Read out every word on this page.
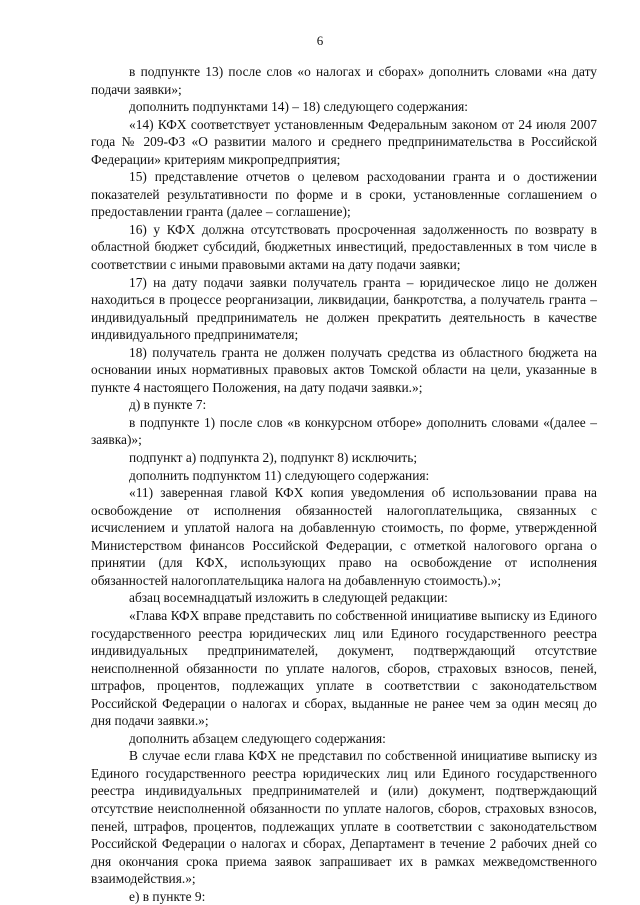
6

в подпункте 13) после слов «о налогах и сборах» дополнить словами «на дату подачи заявки»;

дополнить подпунктами 14) – 18) следующего содержания:

«14) КФХ соответствует установленным Федеральным законом от 24 июля 2007 года № 209-ФЗ «О развитии малого и среднего предпринимательства в Российской Федерации» критериям микропредприятия;

15) представление отчетов о целевом расходовании гранта и о достижении показателей результативности по форме и в сроки, установленные соглашением о предоставлении гранта (далее – соглашение);

16) у КФХ должна отсутствовать просроченная задолженность по возврату в областной бюджет субсидий, бюджетных инвестиций, предоставленных в том числе в соответствии с иными правовыми актами на дату подачи заявки;

17) на дату подачи заявки получатель гранта – юридическое лицо не должен находиться в процессе реорганизации, ликвидации, банкротства, а получатель гранта – индивидуальный предприниматель не должен прекратить деятельность в качестве индивидуального предпринимателя;

18) получатель гранта не должен получать средства из областного бюджета на основании иных нормативных правовых актов Томской области на цели, указанные в пункте 4 настоящего Положения, на дату подачи заявки.»;

д) в пункте 7:

в подпункте 1) после слов «в конкурсном отборе» дополнить словами «(далее – заявка)»;

подпункт а) подпункта 2), подпункт 8) исключить;

дополнить подпунктом 11) следующего содержания:

«11) заверенная главой КФХ копия уведомления об использовании права на освобождение от исполнения обязанностей налогоплательщика, связанных с исчислением и уплатой налога на добавленную стоимость, по форме, утвержденной Министерством финансов Российской Федерации, с отметкой налогового органа о принятии (для КФХ, использующих право на освобождение от исполнения обязанностей налогоплательщика налога на добавленную стоимость).»;

абзац восемнадцатый изложить в следующей редакции:

«Глава КФХ вправе представить по собственной инициативе выписку из Единого государственного реестра юридических лиц или Единого государственного реестра индивидуальных предпринимателей, документ, подтверждающий отсутствие неисполненной обязанности по уплате налогов, сборов, страховых взносов, пеней, штрафов, процентов, подлежащих уплате в соответствии с законодательством Российской Федерации о налогах и сборах, выданные не ранее чем за один месяц до дня подачи заявки.»;

дополнить абзацем следующего содержания:

В случае если глава КФХ не представил по собственной инициативе выписку из Единого государственного реестра юридических лиц или Единого государственного реестра индивидуальных предпринимателей и (или) документ, подтверждающий отсутствие неисполненной обязанности по уплате налогов, сборов, страховых взносов, пеней, штрафов, процентов, подлежащих уплате в соответствии с законодательством Российской Федерации о налогах и сборах, Департамент в течение 2 рабочих дней со дня окончания срока приема заявок запрашивает их в рамках межведомственного взаимодействия.»;

е) в пункте 9:
